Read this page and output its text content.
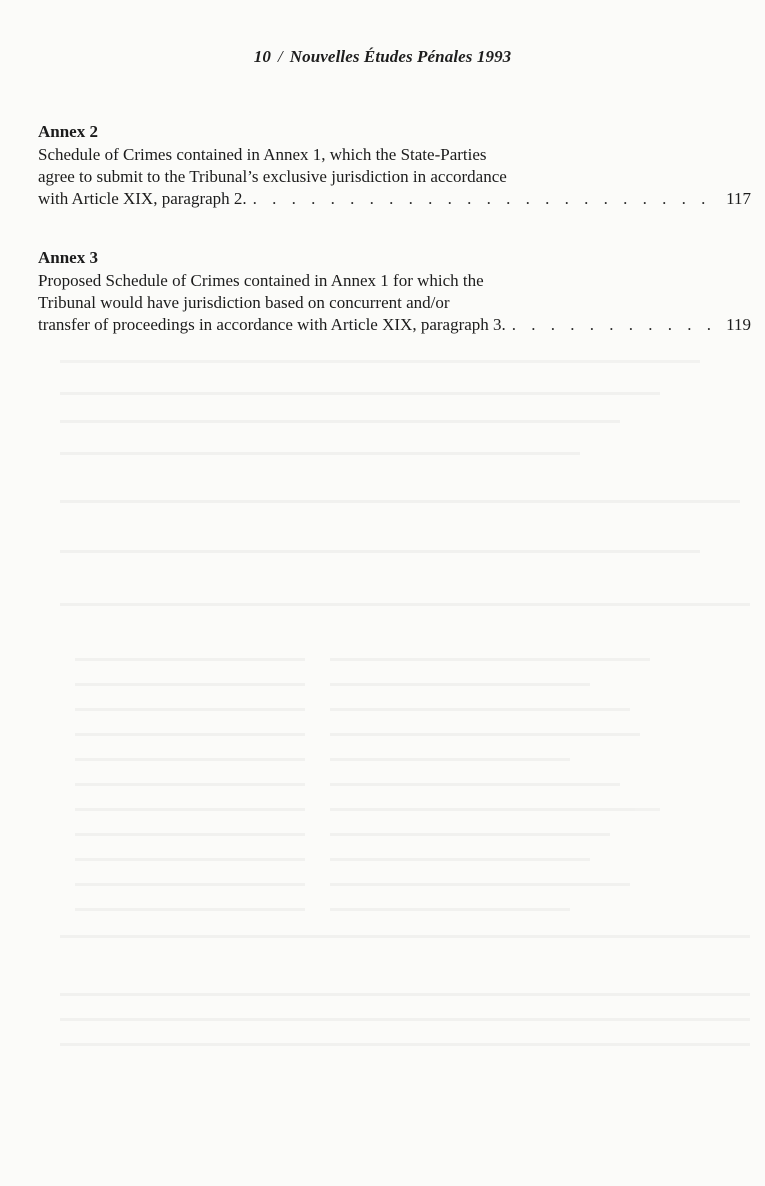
10 / Nouvelles Études Pénales 1993
Annex 2
Schedule of Crimes contained in Annex 1, which the State-Parties
agree to submit to the Tribunal’s exclusive jurisdiction in accordance
with Article XIX, paragraph 2. . . .	117
Annex 3
Proposed Schedule of Crimes contained in Annex 1 for which the
Tribunal would have jurisdiction based on concurrent and/or
transfer of proceedings in accordance with Article XIX, paragraph 3. . . .	119
